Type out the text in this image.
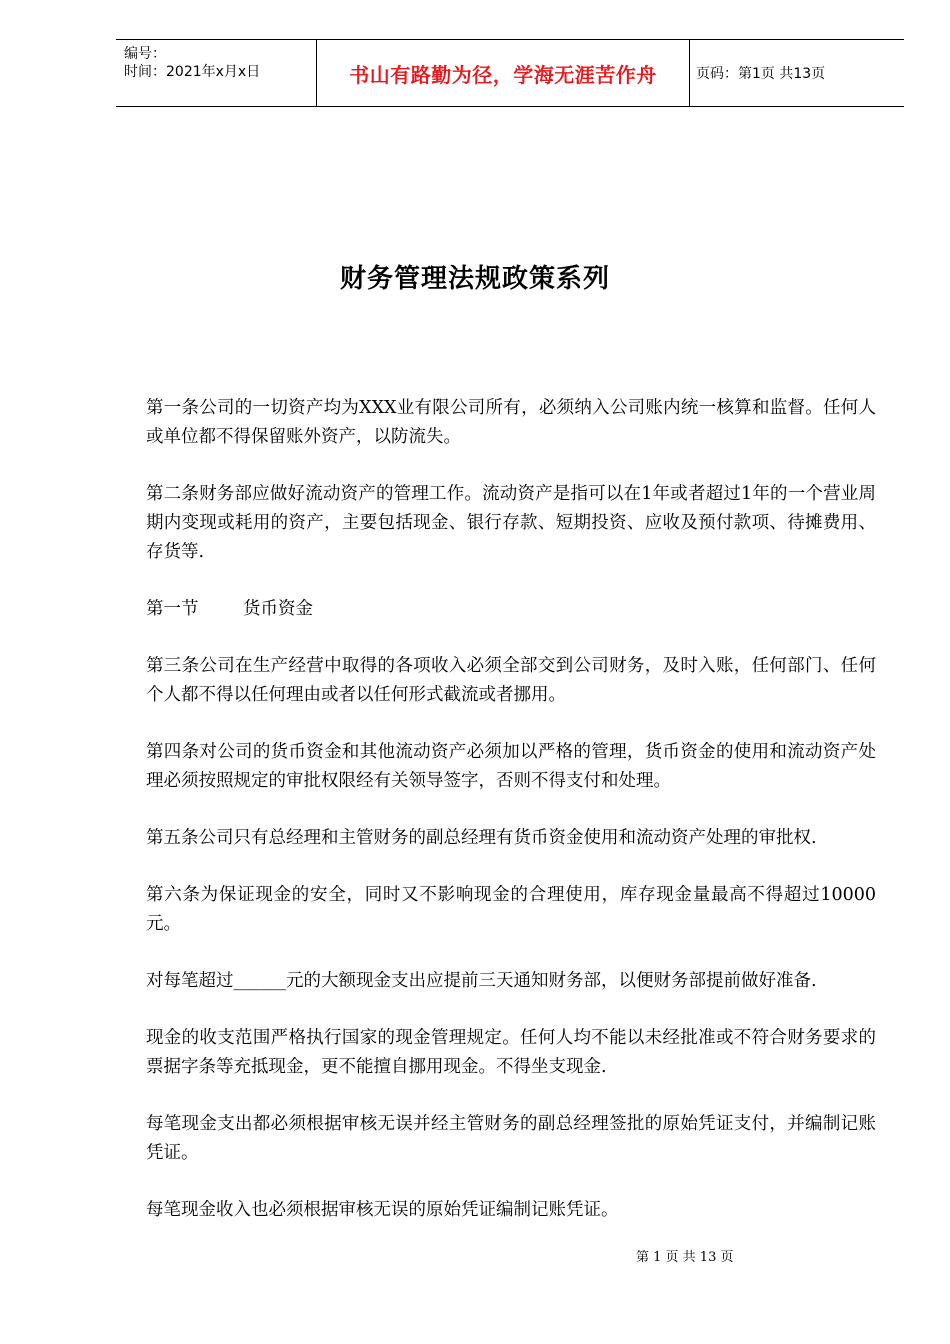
编号：
时间：2021年x月x日	书山有路勤为径，学海无涯苦作舟	页码：第1页 共13页
财务管理法规政策系列

第一条公司的一切资产均为XXX业有限公司所有，必须纳入公司账内统一核算和监督。任何人或单位都不得保留账外资产，以防流失。

第二条财务部应做好流动资产的管理工作。流动资产是指可以在1年或者超过1年的一个营业周期内变现或耗用的资产，主要包括现金、银行存款、短期投资、应收及预付款项、待摊费用、存货等.

第一节        货币资金

第三条公司在生产经营中取得的各项收入必须全部交到公司财务，及时入账，任何部门、任何个人都不得以任何理由或者以任何形式截流或者挪用。

第四条对公司的货币资金和其他流动资产必须加以严格的管理，货币资金的使用和流动资产处理必须按照规定的审批权限经有关领导签字，否则不得支付和处理。

第五条公司只有总经理和主管财务的副总经理有货币资金使用和流动资产处理的审批权.

第六条为保证现金的安全，同时又不影响现金的合理使用，库存现金量最高不得超过10000元。

对每笔超过______元的大额现金支出应提前三天通知财务部，以便财务部提前做好准备.

现金的收支范围严格执行国家的现金管理规定。任何人均不能以未经批准或不符合财务要求的票据字条等充抵现金，更不能擅自挪用现金。不得坐支现金.

每笔现金支出都必须根据审核无误并经主管财务的副总经理签批的原始凭证支付，并编制记账凭证。

每笔现金收入也必须根据审核无误的原始凭证编制记账凭证。

第 1 页 共 13 页
